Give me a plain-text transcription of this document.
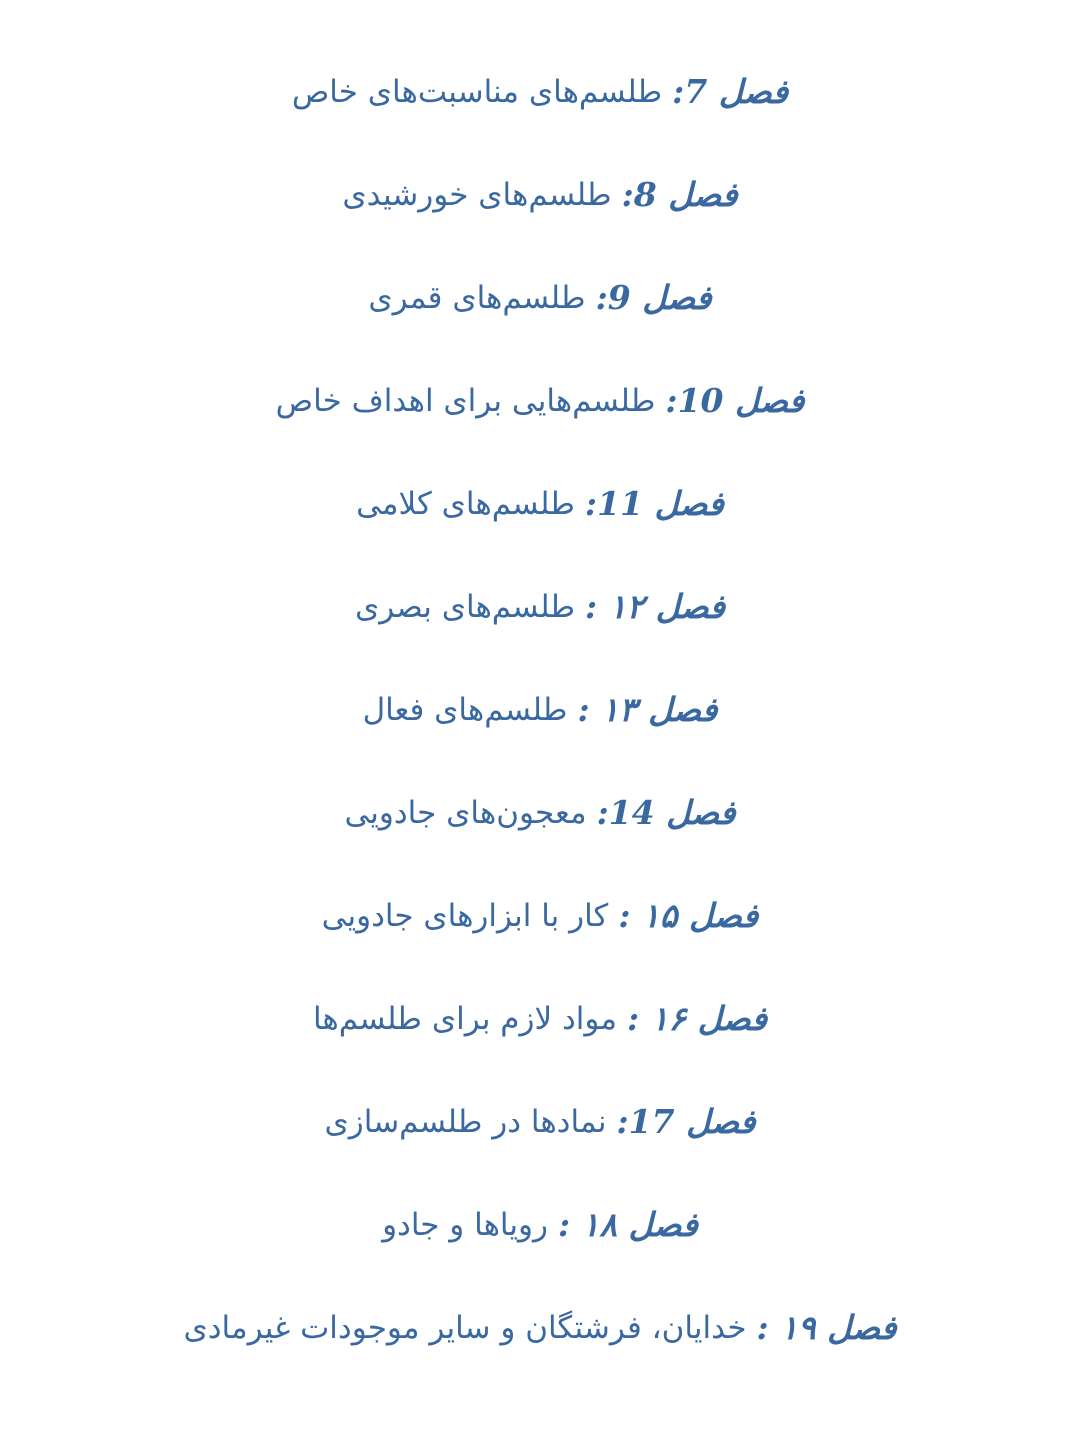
فصل 7:
طلسم‌های مناسبت‌های خاص
فصل 8:
طلسم‌های خورشیدی
فصل 9:
طلسم‌های قمری
فصل 10:
طلسم‌هایی برای اهداف خاص
فصل 11:
طلسم‌های کلامی
فصل ۱۲ :
طلسم‌های بصری
فصل ۱۳ :
طلسم‌های فعال
فصل 14:
معجون‌های جادویی
فصل ۱۵ :
کار با ابزارهای جادویی
فصل ۱۶ :
مواد لازم برای طلسم‌ها
فصل 17:
نمادها در طلسم‌سازی
فصل ۱۸ :
رویاها و جادو
فصل ۱۹ :
خدایان، فرشتگان و سایر موجودات غیرمادی
